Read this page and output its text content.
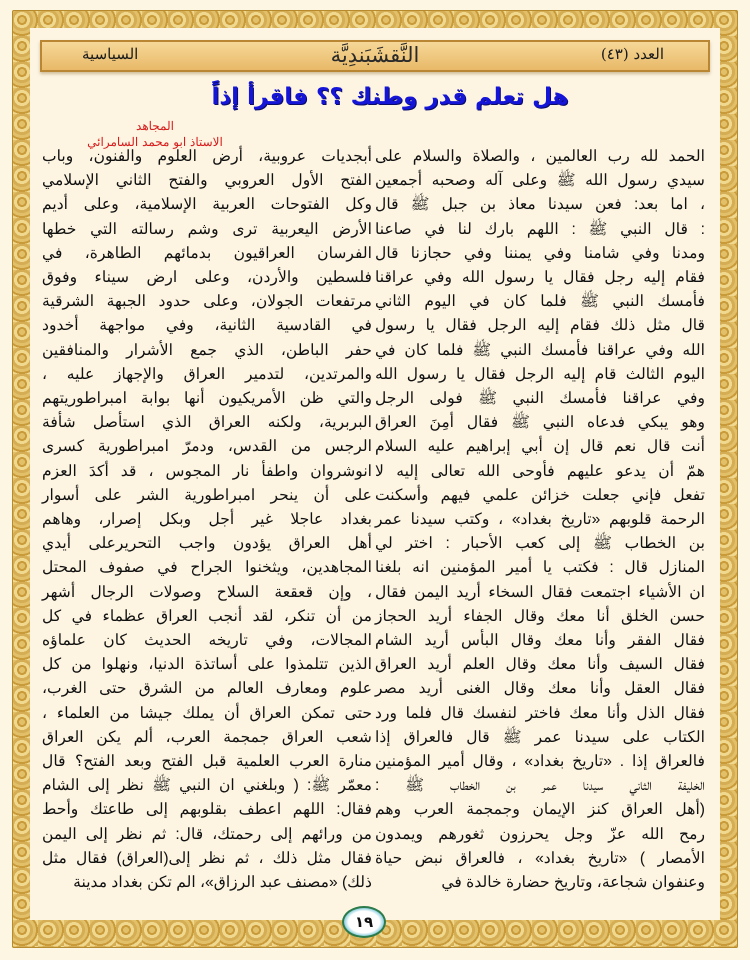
السياسية	النَّقشَبَندِيَّة	العدد (٤٣)
هل تعلم قدر وطنك ؟؟ فاقرأ إذاً
المجاهد
الاستاذ ابو محمد السامرائي

الحمد لله رب العالمين ، والصلاة والسلام على

سيدي رسول الله ﷺ وعلى آله وصحبه أجمعين

، اما بعد: فعن سيدنا معاذ بن جبل ﷺ قال

: قال النبي ﷺ : اللهم بارك لنا في صاعنا

ومدنا وفي شامنا وفي يمننا وفي حجازنا قال

فقام إليه رجل فقال يا رسول الله وفي عراقنا

فأمسك النبي ﷺ فلما كان في اليوم الثاني

قال مثل ذلك فقام إليه الرجل فقال يا رسول

الله وفي عراقنا فأمسك النبي ﷺ فلما كان في

اليوم الثالث قام إليه الرجل فقال يا رسول الله

وفي عراقنا فأمسك النبي ﷺ فولى الرجل

وهو يبكي فدعاه النبي ﷺ فقال أمِنَ العراق

أنت قال نعم قال إن أبي إبراهيم عليه السلام

همّ أن يدعو عليهم فأوحى الله تعالى إليه لا

تفعل فإني جعلت خزائن علمي فيهم وأسكنت

الرحمة قلوبهم «تاريخ بغداد» ، وكتب سيدنا عمر

بن الخطاب ﷺ إلى كعب الأحبار : اختر لي

المنازل قال : فكتب يا أمير المؤمنين انه بلغنا

ان الأشياء اجتمعت فقال السخاء أريد اليمن فقال

حسن الخلق أنا معك وقال الجفاء أريد الحجاز

فقال الفقر وأنا معك وقال البأس أريد الشام

فقال السيف وأنا معك وقال العلم أريد العراق

فقال العقل وأنا معك وقال الغنى أريد مصر

فقال الذل وأنا معك فاختر لنفسك قال فلما ورد

الكتاب على سيدنا عمر ﷺ قال فالعراق إذا

فالعراق إذا . «تاريخ بغداد» ، وقال أمير المؤمنين

الخليفة الثاني سيدنا عمر بن الخطاب ﷺ :

(أهل العراق كنز الإيمان وجمجمة العرب وهم

رمح الله عزّ وجل يحرزون ثغورهم ويمدون

الأمصار ) «تاريخ بغداد» ، فالعراق نبض حياة

وعنفوان شجاعة، وتاريخ حضارة خالدة في

أبجديات عروبية، أرض العلوم والفنون، وباب

الفتح الأول العروبي والفتح الثاني الإسلامي

وكل الفتوحات العربية الإسلامية، وعلى أديم

الأرض اليعربية ترى وشم رسالته التي خطها

الفرسان العراقيون بدمائهم الطاهرة، في

فلسطين والأردن، وعلى ارض سيناء وفوق

مرتفعات الجولان، وعلى حدود الجبهة الشرقية

في القادسية الثانية، وفي مواجهة أخدود

حفر الباطن، الذي جمع الأشرار والمنافقين

والمرتدين، لتدمير العراق والإجهاز عليه ،

والتي ظن الأمريكيون أنها بوابة امبراطوريتهم

البربرية، ولكنه العراق الذي استأصل شأفة

الرجس من القدس، ودمرّ امبراطورية كسرى

انوشروان واطفأ نار المجوس ، قد أكدَ العزم

على أن ينحر امبراطورية الشر على أسوار

بغداد عاجلا غير أجل وبكل إصرار، وهاهم

أهل العراق يؤدون واجب التحريرعلى أيدي

المجاهدين، ويثخنوا الجراح في صفوف المحتل

، وإن قعقعة السلاح وصولات الرجال أشهر

من أن تنكر، لقد أنجب العراق عظماء في كل

المجالات، وفي تاريخه الحديث كان علماؤه

الذين تتلمذوا على أساتذة الدنيا، ونهلوا من كل

علوم ومعارف العالم من الشرق حتى الغرب،

حتى تمكن العراق أن يملك جيشا من العلماء ،

شعب العراق جمجمة العرب، ألم يكن العراق

منارة العرب العلمية قبل الفتح وبعد الفتح؟ قال

معمّر ﷺ: ( وبلغني ان النبي ﷺ نظر إلى الشام

فقال: اللهم اعطف بقلوبهم إلى طاعتك وأحط

من ورائهم إلى رحمتك، قال: ثم نظر إلى اليمن

فقال مثل ذلك ، ثم نظر إلى(العراق) فقال مثل

ذلك) «مصنف عبد الرزاق»، الم تكن بغداد مدينة

١٩
